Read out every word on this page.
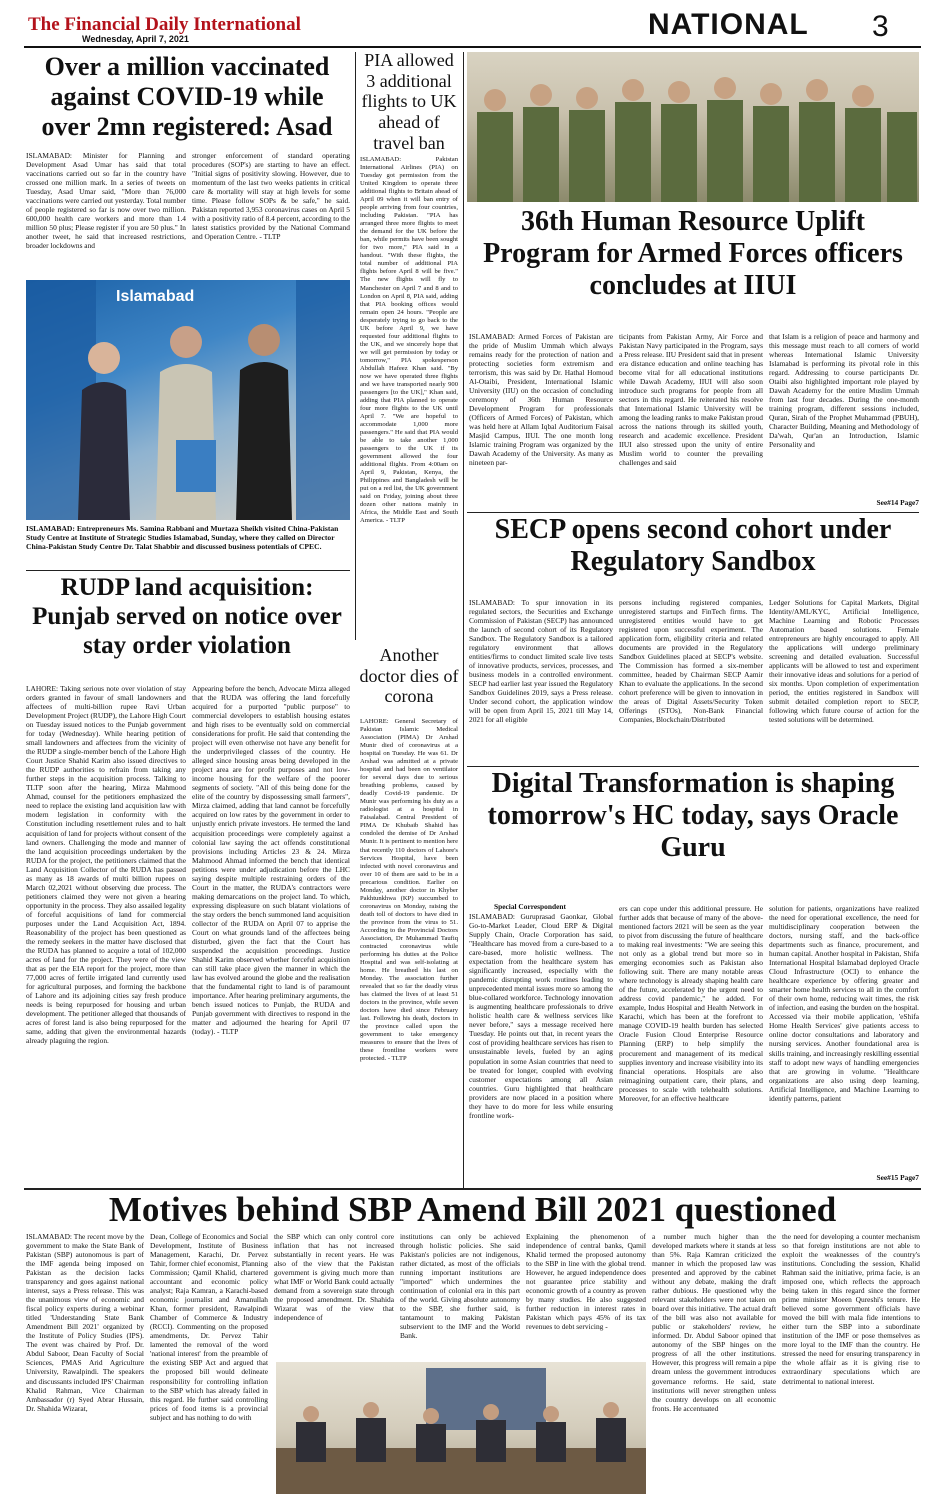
The Financial Daily International
Wednesday, April 7, 2021	NATIONAL 3
Over a million vaccinated against COVID-19 while over 2mn registered: Asad
ISLAMABAD: Minister for Planning and Development Asad Umar has said that total vaccinations carried out so far in the country have crossed one million mark. In a series of tweets on Tuesday, Asad Umar said, "More than 76,000 vaccinations were carried out yesterday. Total number of people registered so far is now over two million. 600,000 health care workers and more than 1.4 million 50 plus; Please register if you are 50 plus." In another tweet, he said that increased restrictions, broader lockdowns and
stronger enforcement of standard operating procedures (SOP's) are starting to have an effect. "Initial signs of positivity slowing. However, due to momentum of the last two weeks patients in critical care & mortality will stay at high levels for some time. Please follow SOPs & be safe," he said. Pakistan reported 3,953 coronavirus cases on April 5 with a positivity ratio of 8.4 percent, according to the latest statistics provided by the National Command and Operation Centre. - TLTP
Islamabad
ISLAMABAD: Entrepreneurs Ms. Samina Rabbani and Murtaza Sheikh visited China-Pakistan Study Centre at Institute of Strategic Studies Islamabad, Sunday, where they called on Director China-Pakistan Study Centre Dr. Talat Shabbir and discussed business potentials of CPEC.
PIA allowed 3 additional flights to UK ahead of travel ban
ISLAMABAD: Pakistan International Airlines (PIA) on Tuesday got permission from the United Kingdom to operate three additional flights to Britain ahead of April 09 when it will ban entry of people arriving from four countries, including Pakistan. "PIA has arranged three more flights to meet the demand for the UK before the ban, while permits have been sought for two more," PIA said in a handout. "With these flights, the total number of additional PIA flights before April 8 will be five." The new flights will fly to Manchester on April 7 and 8 and to London on April 8, PIA said, adding that PIA booking offices would remain open 24 hours. "People are desperately trying to go back to the UK before April 9, we have requested four additional flights to the UK, and we sincerely hope that we will get permission by today or tomorrow," PIA spokesperson Abdullah Hafeez Khan said. "By now we have operated three flights and we have transported nearly 900 passengers [to the UK]," Khan said, adding that PIA planned to operate four more flights to the UK until April 7. "We are hopeful to accommodate 1,000 more passengers." He said that PIA would be able to take another 1,000 passengers to the UK if its government allowed the four additional flights. From 4:00am on April 9, Pakistan, Kenya, the Philippines and Bangladesh will be put on a red list, the UK government said on Friday, joining about three dozen other nations mainly in Africa, the Middle East and South America. - TLTP
Another doctor dies of corona
LAHORE: General Secretary of Pakistan Islamic Medical Association (PIMA) Dr Arshad Munir died of coronavirus at a hospital on Tuesday. He was 61. Dr Arshad was admitted at a private hospital and had been on ventilator for several days due to serious breathing problems, caused by deadly Covid-19 pandemic. Dr Munir was performing his duty as a radiologist at a hospital in Faisalabad. Central President of PIMA Dr Khubaib Shahid has condoled the demise of Dr Arshad Munir. It is pertinent to mention here that recently 110 doctors of Lahore's Services Hospital, have been infected with novel coronavirus and over 10 of them are said to be in a precarious condition. Earlier on Monday, another doctor in Khyber Pakhtunkhwa (KP) succumbed to coronavirus on Monday, raising the death toll of doctors to have died in the province from the virus to 51. According to the Provincial Doctors Association, Dr Muhammad Taufiq contracted coronavirus while performing his duties at the Police Hospital and was self-isolating at home. He breathed his last on Monday. The association further revealed that so far the deadly virus has claimed the lives of at least 51 doctors in the province, while seven doctors have died since February last. Following his death, doctors in the province called upon the government to take emergency measures to ensure that the lives of these frontline workers were protected. - TLTP
RUDP land acquisition: Punjab served on notice over stay order violation
LAHORE: Taking serious note over violation of stay orders granted in favour of small landowners and affectees of multi-billion rupee Ravi Urban Development Project (RUDP), the Lahore High Court on Tuesday issued notices to the Punjab government for today (Wednesday). While hearing petition of small landowners and affectees from the vicinity of the RUDP a single-member bench of the Lahore High Court Justice Shahid Karim also issued directives to the RUDP authorities to refrain from taking any further steps in the acquisition process. Talking to TLTP soon after the hearing, Mirza Mahmood Ahmad, counsel for the petitioners emphasized the need to replace the existing land acquisition law with modern legislation in conformity with the Constitution including resettlement rules and to halt acquisition of land for projects without consent of the land owners. Challenging the mode and manner of the land acquisition proceedings undertaken by the RUDA for the project, the petitioners claimed that the Land Acquisition Collector of the RUDA has passed as many as 18 awards of multi billion rupees on March 02,2021 without observing due process. The petitioners claimed they were not given a hearing opportunity in the process. They also assailed legality of forceful acquisitions of land for commercial purposes under the Land Acquisition Act, 1894. Reasonability of the project has been questioned as the remedy seekers in the matter have disclosed that the RUDA has planned to acquire a total of 102,000 acres of land for the project. They were of the view that as per the EIA report for the project, more than 77,000 acres of fertile irrigated land currently used for agricultural purposes, and forming the backbone of Lahore and its adjoining cities say fresh produce needs is being repurposed for housing and urban development. The petitioner alleged that thousands of acres of forest land is also being repurposed for the same, adding that given the environmental hazards already plaguing the region.
Appearing before the bench, Advocate Mirza alleged that the RUDA was offering the land forcefully acquired for a purported "public purpose" to commercial developers to establish housing estates and high rises to be eventually sold on commercial considerations for profit. He said that contending the project will even otherwise not have any benefit for the underprivileged classes of the country. He alleged since housing areas being developed in the project area are for profit purposes and not low-income housing for the welfare of the poorer segments of society. "All of this being done for the elite of the country by dispossessing small farmers", Mirza claimed, adding that land cannot be forcefully acquired on low rates by the government in order to unjustly enrich private investors. He termed the land acquisition proceedings were completely against a colonial law saying the act offends constitutional provisions including Articles 23 & 24. Mirza Mahmood Ahmad informed the bench that identical petitions were under adjudication before the LHC saying despite multiple restraining orders of the Court in the matter, the RUDA's contractors were making demarcations on the project land. To which, expressing displeasure on such blatant violations of the stay orders the bench summoned land acquisition collector of the RUDA on April 07 to apprise the Court on what grounds land of the affectees being disturbed, given the fact that the Court has suspended the acquisition proceedings. Justice Shahid Karim observed whether forceful acquisition can still take place given the manner in which the law has evolved around the globe and the realisation that the fundamental right to land is of paramount importance. After hearing preliminary arguments, the bench issued notices to Punjab, the RUDA and Punjab government with directives to respond in the matter and adjourned the hearing for April 07 (today). - TLTP
36th Human Resource Uplift Program for Armed Forces officers concludes at IIUI
ISLAMABAD: Armed Forces of Pakistan are the pride of Muslim Ummah which always remains ready for the protection of nation and protecting societies form extremism and terrorism, this was said by Dr. Hathal Homoud Al-Otaibi, President, International Islamic University (IIU) on the occasion of concluding ceremony of 36th Human Resource Development Program for professionals (Officers of Armed Forces) of Pakistan, which was held here at Allam Iqbal Auditorium Faisal Masjid Campus, IIUI. The one month long Islamic training Program was organized by the Dawah Academy of the University. As many as nineteen par-
ticipants from Pakistan Army, Air Force and Pakistan Navy participated in the Program, says a Press release. IIU President said that in present era distance education and online teaching has become vital for all educational institutions while Dawah Academy, IIUI will also soon introduce such programs for people from all sectors in this regard. He reiterated his resolve that International Islamic University will be among the leading ranks to make Pakistan proud across the nations through its skilled youth, research and academic excellence. President IIUI also stressed upon the unity of entire Muslim world to counter the prevailing challenges and said
that Islam is a religion of peace and harmony and this message must reach to all corners of world whereas International Islamic University Islamabad is performing its pivotal role in this regard. Addressing to course participants Dr. Otaibi also highlighted important role played by Dawah Academy for the entire Muslim Ummah from last four decades. During the one-month training program, different sessions included, Quran, Sirah of the Prophet Muhammad (PBUH), Character Building, Meaning and Methodology of Da'wah, Qur'an an Introduction, Islamic Personality and
See#14 Page7
SECP opens second cohort under Regulatory Sandbox
ISLAMABAD: To spur innovation in its regulated sectors, the Securities and Exchange Commission of Pakistan (SECP) has announced the launch of second cohort of its Regulatory Sandbox. The Regulatory Sandbox is a tailored regulatory environment that allows entities/firms to conduct limited scale live tests of innovative products, services, processes, and business models in a controlled environment. SECP had earlier last year issued the Regulatory Sandbox Guidelines 2019, says a Press release. Under second cohort, the application window will be open from April 15, 2021 till May 14, 2021 for all eligible
persons including registered companies, unregistered startups and FinTech firms. The unregistered entities would have to get registered upon successful experiment. The application form, eligibility criteria and related documents are provided in the Regulatory Sandbox Guidelines placed at SECP's website. The Commission has formed a six-member committee, headed by Chairman SECP Aamir Khan to evaluate the applications. In the second cohort preference will be given to innovation in the areas of Digital Assets/Security Token Offerings (STOs), Non-Bank Financial Companies, Blockchain/Distributed
Ledger Solutions for Capital Markets, Digital Identity/AML/KYC, Artificial Intelligence, Machine Learning and Robotic Processes Automation based solutions. Female entrepreneurs are highly encouraged to apply. All the applications will undergo preliminary screening and detailed evaluation. Successful applicants will be allowed to test and experiment their innovative ideas and solutions for a period of six months. Upon completion of experimentation period, the entities registered in Sandbox will submit detailed completion report to SECP, following which future course of action for the tested solutions will be determined.
Digital Transformation is shaping tomorrow's HC today, says Oracle Guru
Special Correspondent
ISLAMABAD: Guruprasad Gaonkar, Global Go-to-Market Leader, Cloud ERP & Digital Supply Chain, Oracle Corporation has said, "Healthcare has moved from a cure-based to a care-based, more holistic wellness. The expectation from the healthcare system has significantly increased, especially with the pandemic disrupting work routines leading to unprecedented mental issues more so among the blue-collared workforce. Technology innovation is augmenting healthcare professionals to drive holistic health care & wellness services like never before," says a message received here Tuesday. He points out that, in recent years the cost of providing healthcare services has risen to unsustainable levels, fueled by an aging population in some Asian countries that need to be treated for longer, coupled with evolving customer expectations among all Asian countries. Guru highlighted that healthcare providers are now placed in a position where they have to do more for less while ensuring frontline work-
ers can cope under this additional pressure. He further adds that because of many of the above-mentioned factors 2021 will be seen as the year to pivot from discussing the future of healthcare to making real investments: "We are seeing this not only as a global trend but more so in emerging economies such as Pakistan also following suit. There are many notable areas where technology is already shaping health care of the future, accelerated by the urgent need to address covid pandemic," he added. For example, Indus Hospital and Health Network in Karachi, which has been at the forefront to manage COVID-19 health burden has selected Oracle Fusion Cloud Enterprise Resource Planning (ERP) to help simplify the procurement and management of its medical supplies inventory and increase visibility into its financial operations. Hospitals are also reimagining outpatient care, their plans, and processes to scale with telehealth solutions. Moreover, for an effective healthcare
solution for patients, organizations have realized the need for operational excellence, the need for multidisciplinary cooperation between the doctors, nursing staff, and the back-office departments such as finance, procurement, and human capital. Another hospital in Pakistan, Shifa International Hospital Islamabad deployed Oracle Cloud Infrastructure (OCI) to enhance the healthcare experience by offering greater and smarter home health services to all in the comfort of their own home, reducing wait times, the risk of infection, and easing the burden on the hospital. Accessed via their mobile application, 'eShifa Home Health Services' give patients access to online doctor consultations and laboratory and nursing services. Another foundational area is skills training, and increasingly reskilling essential staff to adopt new ways of handling emergencies that are growing in volume. "Healthcare organizations are also using deep learning, Artificial Intelligence, and Machine Learning to identify patterns, patient
See#15 Page7
Motives behind SBP Amend Bill 2021 questioned
ISLAMABAD: The recent move by the government to make the State Bank of Pakistan (SBP) autonomous is part of the IMF agenda being imposed on Pakistan as the decision lacks transparency and goes against national interest, says a Press release. This was the unanimous view of economic and fiscal policy experts during a webinar titled 'Understanding State Bank Amendment Bill 2021' organized by the Institute of Policy Studies (IPS). The event was chaired by Prof. Dr. Abdul Saboor, Dean Faculty of Social Sciences, PMAS Arid Agriculture University, Rawalpindi. The speakers and discussants included IPS' Chairman Khalid Rahman, Vice Chairman Ambassador (r) Syed Abrar Hussain, Dr. Shahida Wizarat,
Dean, College of Economics and Social Development, Institute of Business Management, Karachi, Dr. Pervez Tahir, former chief economist, Planning Commission; Qamil Khalid, chartered accountant and economic policy analyst; Raja Kamran, a Karachi-based economic journalist and Amanullah Khan, former president, Rawalpindi Chamber of Commerce & Industry (RCCI). Commenting on the proposed amendments, Dr. Pervez Tahir lamented the removal of the word 'national interest' from the preamble of the existing SBP Act and argued that the proposed bill would delineate responsibility for controlling inflation to the SBP which has already failed in this regard. He further said controlling prices of food items is a provincial subject and has nothing to do with
the SBP which can only control core inflation that has not increased substantially in recent years. He was also of the view that the Pakistan government is giving much more than what IMF or World Bank could actually demand from a sovereign state through the proposed amendment. Dr. Shahida Wizarat was of the view that independence of
institutions can only be achieved through holistic policies. She said Pakistan's policies are not indigenous, rather dictated, as most of the officials running important institutions are "imported" which undermines the continuation of colonial era in this part of the world. Giving absolute autonomy to the SBP, she further said, is tantamount to making Pakistan subservient to the IMF and the World Bank.
Explaining the phenomenon of independence of central banks, Qamil Khalid termed the proposed autonomy to the SBP in line with the global trend. However, he argued independence does not guarantee price stability and economic growth of a country as proven by many studies. He also suggested further reduction in interest rates in Pakistan which pays 45% of its tax revenues to debt servicing -
a number much higher than the developed markets where it stands at less than 5%. Raja Kamran criticized the manner in which the proposed law was presented and approved by the cabinet without any debate, making the draft rather dubious. He questioned why the relevant stakeholders were not taken on board over this initiative. The actual draft of the bill was also not available for public or stakeholders' review, he informed. Dr. Abdul Saboor opined that autonomy of the SBP hinges on the progress of all the other institutions. However, this progress will remain a pipe dream unless the government introduces governance reforms. He said, state institutions will never strengthen unless the country develops on all economic fronts. He accentuated
the need for developing a counter mechanism so that foreign institutions are not able to exploit the weaknesses of the country's institutions. Concluding the session, Khalid Rahman said the initiative, prima facie, is an imposed one, which reflects the approach being taken in this regard since the former prime minister Moeen Qureshi's tenure. He believed some government officials have moved the bill with mala fide intentions to either turn the SBP into a subordinate institution of the IMF or pose themselves as more loyal to the IMF than the country. He stressed the need for ensuring transparency in the whole affair as it is giving rise to extraordinary speculations which are detrimental to national interest.
